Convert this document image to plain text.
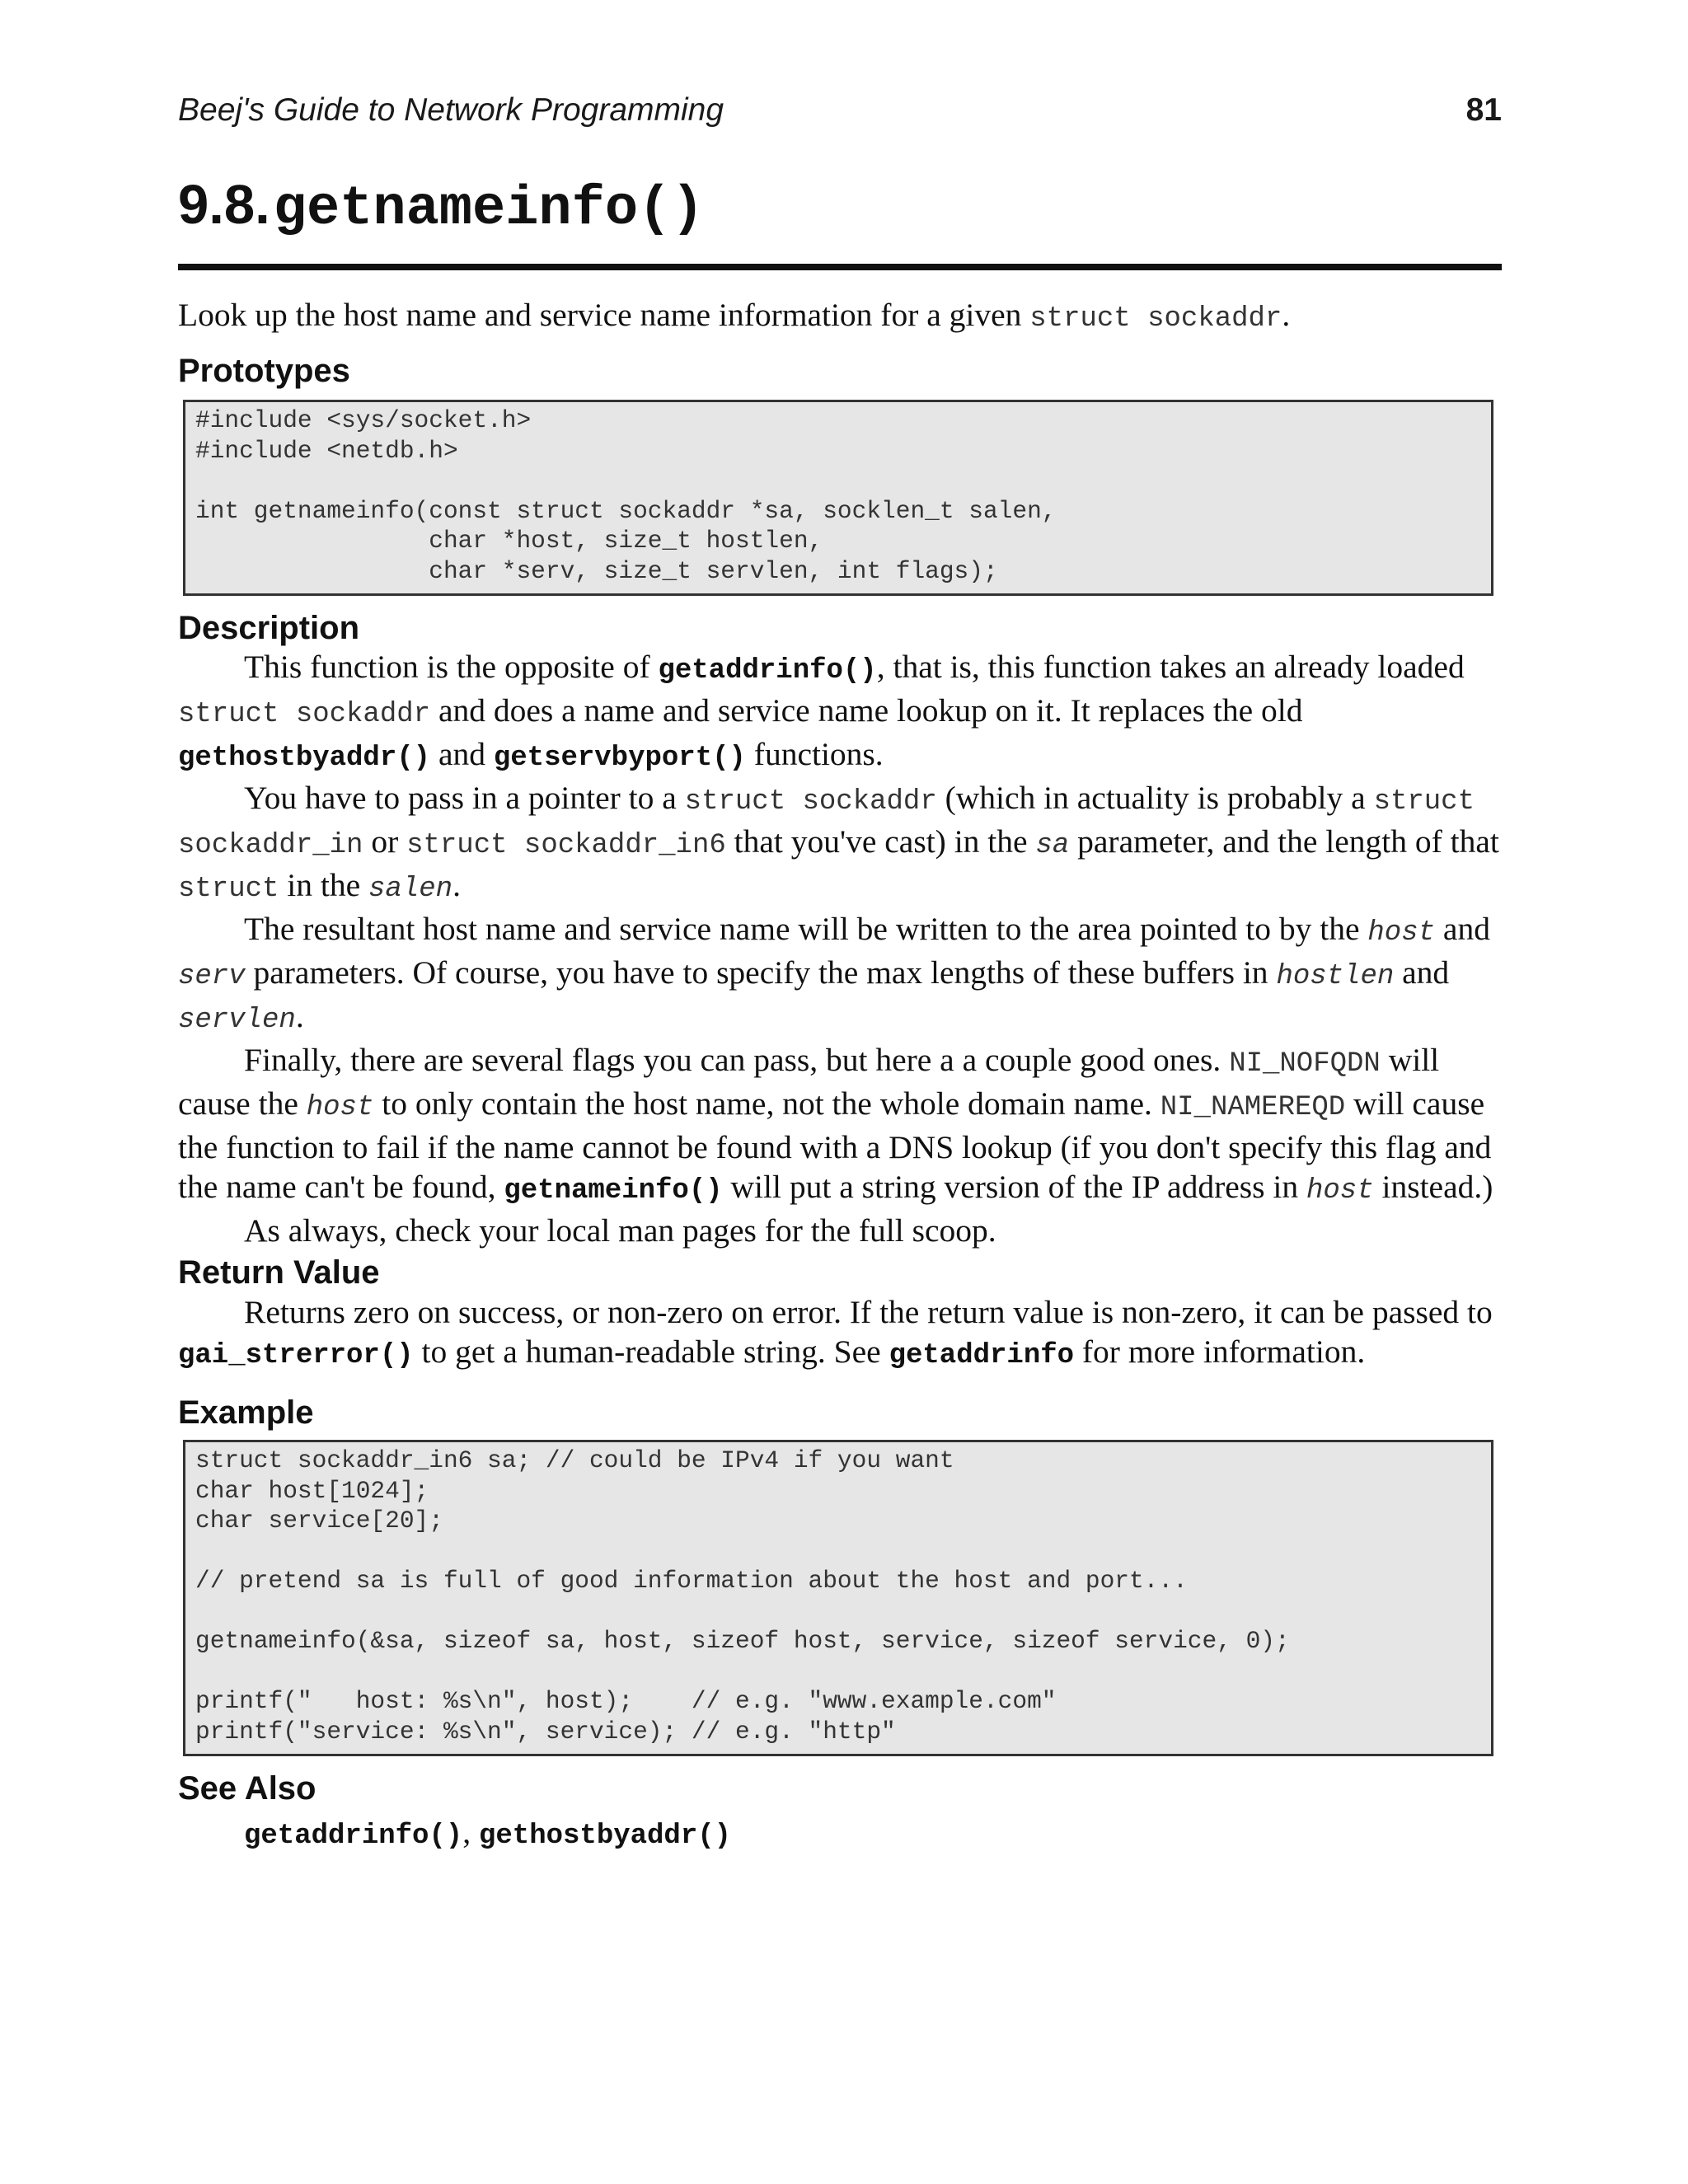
Beej's Guide to Network Programming	81
9.8. getnameinfo()

Look up the host name and service name information for a given struct sockaddr.

Prototypes
#include <sys/socket.h>
#include <netdb.h>

int getnameinfo(const struct sockaddr *sa, socklen_t salen,
char *host, size_t hostlen,
char *serv, size_t servlen, int flags);
Description

This function is the opposite of getaddrinfo(), that is, this function takes an already loaded struct sockaddr and does a name and service name lookup on it. It replaces the old gethostbyaddr() and getservbyport() functions.

You have to pass in a pointer to a struct sockaddr (which in actuality is probably a struct sockaddr_in or struct sockaddr_in6 that you've cast) in the sa parameter, and the length of that struct in the salen.

The resultant host name and service name will be written to the area pointed to by the host and serv parameters. Of course, you have to specify the max lengths of these buffers in hostlen and servlen.

Finally, there are several flags you can pass, but here a a couple good ones. NI_NOFQDN will cause the host to only contain the host name, not the whole domain name. NI_NAMEREQD will cause the function to fail if the name cannot be found with a DNS lookup (if you don't specify this flag and the name can't be found, getnameinfo() will put a string version of the IP address in host instead.)

As always, check your local man pages for the full scoop.

Return Value

Returns zero on success, or non-zero on error. If the return value is non-zero, it can be passed to gai_strerror() to get a human-readable string. See getaddrinfo for more information.

Example
struct sockaddr_in6 sa; // could be IPv4 if you want
char host[1024];
char service[20];

// pretend sa is full of good information about the host and port...

getnameinfo(&sa, sizeof sa, host, sizeof host, service, sizeof service, 0);

printf("   host: %s\n", host);    // e.g. "www.example.com"
printf("service: %s\n", service); // e.g. "http"
See Also
getaddrinfo(), gethostbyaddr()
